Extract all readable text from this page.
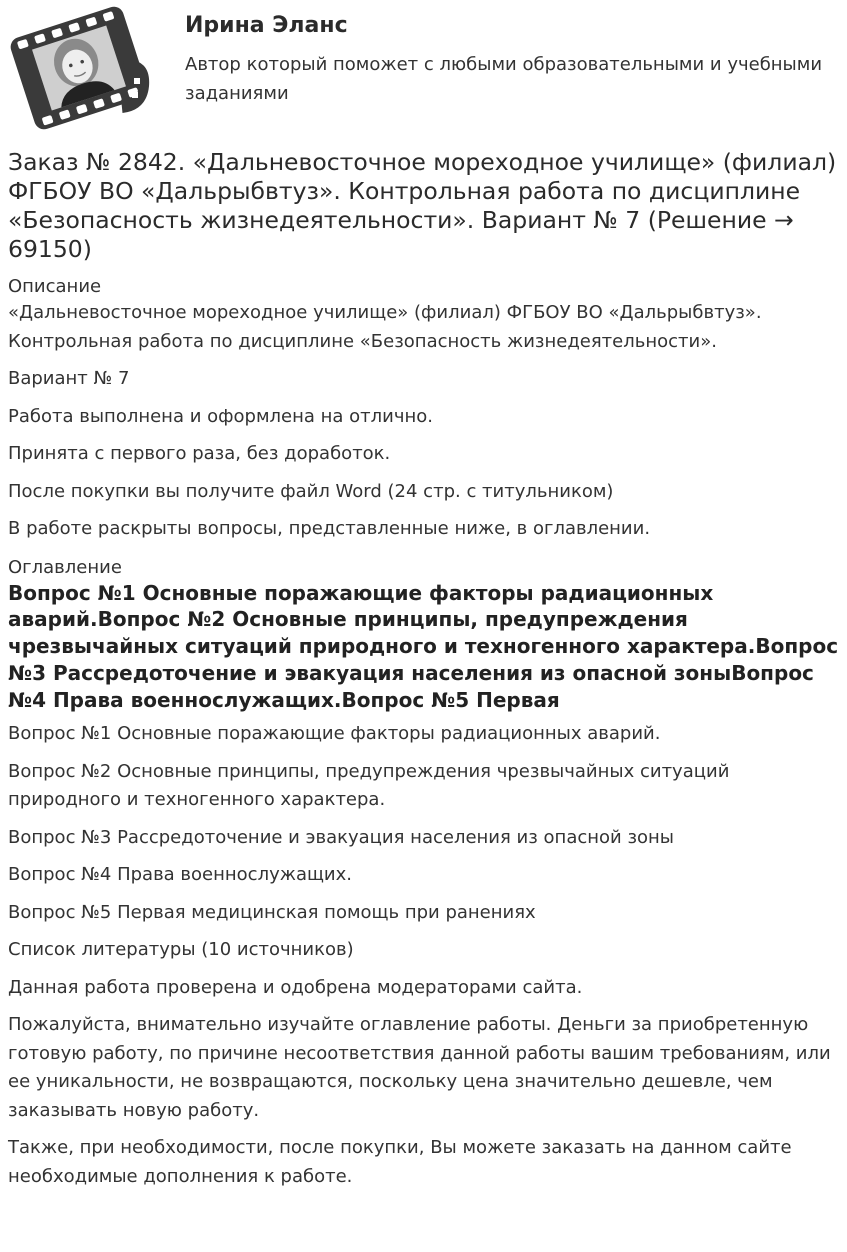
Ирина Эланс
Автор который поможет с любыми образовательными и учебными заданиями
Заказ № 2842. «Дальневосточное мореходное училище» (филиал) ФГБОУ ВО «Дальрыбвтуз». Контрольная работа по дисциплине «Безопасность жизнедеятельности». Вариант № 7 (Решение → 69150)
Описание

«Дальневосточное мореходное училище» (филиал) ФГБОУ ВО «Дальрыбвтуз». Контрольная работа по дисциплине «Безопасность жизнедеятельности».

Вариант № 7

Работа выполнена и оформлена на отлично.

Принята с первого раза, без доработок.

После покупки вы получите файл Word (24 стр. с титульником)

В работе раскрыты вопросы, представленные ниже, в оглавлении.

Оглавление

Вопрос №1 Основные поражающие факторы радиационных аварий.Вопрос №2 Основные принципы, предупреждения чрезвычайных ситуаций природного и техногенного характера.Вопрос №3 Рассредоточение и эвакуация населения из опасной зоныВопрос №4 Права военнослужащих.Вопрос №5 Первая

Вопрос №1 Основные поражающие факторы радиационных аварий.

Вопрос №2 Основные принципы, предупреждения чрезвычайных ситуаций природного и техногенного характера.

Вопрос №3 Рассредоточение и эвакуация населения из опасной зоны

Вопрос №4 Права военнослужащих.

Вопрос №5 Первая медицинская помощь при ранениях

Список литературы (10 источников)

Данная работа проверена и одобрена модераторами сайта.

Пожалуйста, внимательно изучайте оглавление работы. Деньги за приобретенную готовую работу, по причине несоответствия данной работы вашим требованиям, или ее уникальности, не возвращаются, поскольку цена значительно дешевле, чем заказывать новую работу.

Также, при необходимости, после покупки, Вы можете заказать на данном сайте необходимые дополнения к работе.
